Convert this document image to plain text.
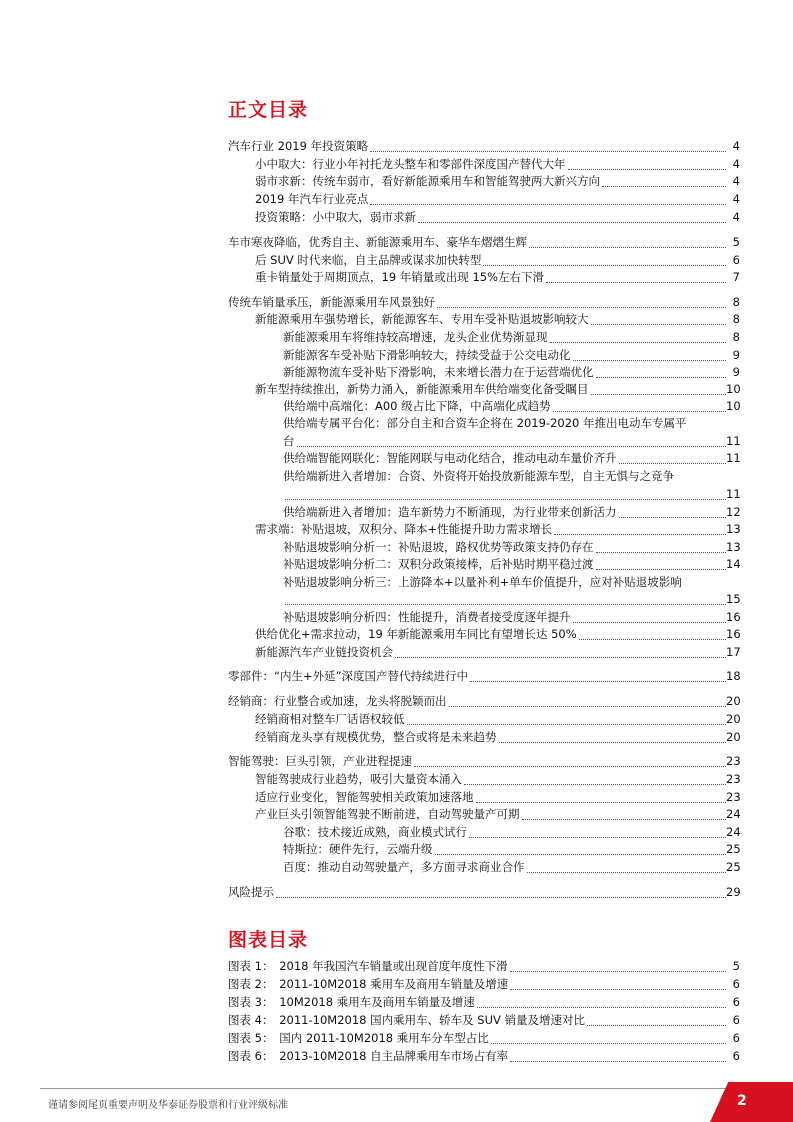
正文目录
4
汽车行业 2019 年投资策略
4
小中取大：行业小年衬托龙头整车和零部件深度国产替代大年
4
弱市求新：传统车弱市，看好新能源乘用车和智能驾驶两大新兴方向
4
2019 年汽车行业亮点
4
投资策略：小中取大，弱市求新
5
车市寒夜降临，优秀自主、新能源乘用车、豪华车熠熠生辉
6
后 SUV 时代来临，自主品牌或谋求加快转型
7
重卡销量处于周期顶点，19 年销量或出现 15%左右下滑
8
传统车销量承压，新能源乘用车风景独好
8
新能源乘用车强势增长，新能源客车、专用车受补贴退坡影响较大
8
新能源乘用车将维持较高增速，龙头企业优势渐显现
9
新能源客车受补贴下滑影响较大，持续受益于公交电动化
9
新能源物流车受补贴下滑影响，未来增长潜力在于运营端优化
10
新车型持续推出，新势力涌入，新能源乘用车供给端变化备受瞩目
10
供给端中高端化：A00 级占比下降，中高端化成趋势
供给端专属平台化：部分自主和合资车企将在 2019-2020 年推出电动车专属平
11
台
11
供给端智能网联化：智能网联与电动化结合，推动电动车量价齐升
供给端新进入者增加：合资、外资将开始投放新能源车型，自主无惧与之竞争
11
12
供给端新进入者增加：造车新势力不断涌现，为行业带来创新活力
13
需求端：补贴退坡，双积分、降本+性能提升助力需求增长
13
补贴退坡影响分析一：补贴退坡，路权优势等政策支持仍存在
14
补贴退坡影响分析二：双积分政策接棒，后补贴时期平稳过渡
补贴退坡影响分析三：上游降本+以量补利+单车价值提升，应对补贴退坡影响
15
16
补贴退坡影响分析四：性能提升，消费者接受度逐年提升
16
供给优化+需求拉动，19 年新能源乘用车同比有望增长达 50%
17
新能源汽车产业链投资机会
18
零部件：“内生+外延”深度国产替代持续进行中
20
经销商：行业整合或加速，龙头将脱颖而出
20
经销商相对整车厂话语权较低
20
经销商龙头享有规模优势，整合或将是未来趋势
23
智能驾驶：巨头引领，产业进程提速
23
智能驾驶成行业趋势，吸引大量资本涌入
23
适应行业变化，智能驾驶相关政策加速落地
24
产业巨头引领智能驾驶不断前进，自动驾驶量产可期
24
谷歌：技术接近成熟，商业模式试行
25
特斯拉：硬件先行，云端升级
25
百度：推动自动驾驶量产，多方面寻求商业合作
29
风险提示
图表目录
5
图表 1：　2018 年我国汽车销量或出现首度年度性下滑
6
图表 2：　2011-10M2018 乘用车及商用车销量及增速
6
图表 3：　10M2018 乘用车及商用车销量及增速
6
图表 4：　2011-10M2018 国内乘用车、轿车及 SUV 销量及增速对比
6
图表 5：　国内 2011-10M2018 乘用车分车型占比
6
图表 6：　2013-10M2018 自主品牌乘用车市场占有率
谨请参阅尾页重要声明及华泰证券股票和行业评级标准	2
